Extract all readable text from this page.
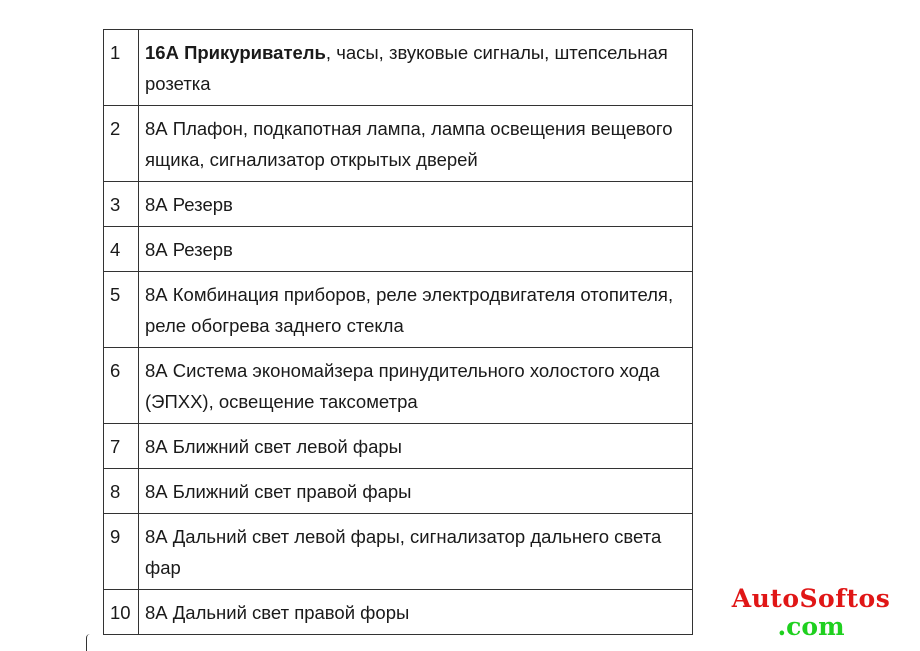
1	16А Прикуриватель, часы, звуковые сигналы, штепсельная розетка
2	8А Плафон, подкапотная лампа, лампа освещения вещевого ящика, сигнализатор открытых дверей
3	8А Резерв
4	8А Резерв
5	8А Комбинация приборов, реле электродвигателя отопителя, реле обогрева заднего стекла
6	8А Система экономайзера принудительного холостого хода (ЭПХХ), освещение таксометра
7	8А Ближний свет левой фары
8	8А Ближний свет правой фары
9	8А Дальний свет левой фары, сигнализатор дальнего света фар
10	8А Дальний свет правой форы	AutoSoftos
.com
